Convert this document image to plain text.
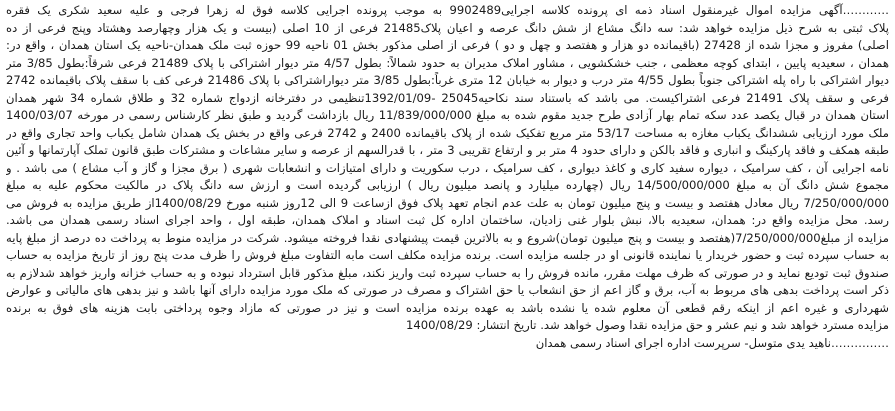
…………آگهی مزایده اموال غیرمنقول اسناد ذمه ای پرونده کلاسه اجرایی9902489 به موجب پرونده اجرایی کلاسه فوق له زهرا فرجی و علیه سعید شکری یک فقره
پلاک ثبتی به شرح ذیل مزایده خواهد شد: سه دانگ مشاع از شش دانگ عرصه و اعیان پلاک21485 فرعی از 10 اصلی (بیست و یک هزار وچهارصد وهشتاد وپنج فرعی از ده
اصلی) مفروز و مجزا شده از 27428 (باقیمانده دو هزار و هفتصد و چهل و دو ) فرعی از اصلی مذکور بخش 01 ناحیه 99 حوزه ثبت ملک همدان-ناحیه یک استان همدان ، واقع در:
همدان ، سعیدیه پایین ، ابتدای کوچه معظمی ، جنب خشکشویی ، مشاور املاک مدیران به حدود شمالاً: بطول 4/57 متر دیوار اشتراکی با پلاک 21489 فرعی شرقاً:بطول 3/85 متر
دیوار اشتراکی با راه پله اشتراکی جنوباً بطول 4/55 متر درب و دیوار به خیابان 12 متری غرباً:بطول 3/85 متر دیواراشتراکی با پلاک 21486 فرعی کف با سقف پلاک باقیمانده 2742
فرعی و سقف پلاک 21491 فرعی اشتراکیست. می باشد که باستناد سند نکاحیه25045 -1392/01/09تنظیمی در دفترخانه ازدواج شماره 32 و طلاق شماره 34 شهر همدان
استان همدان در قبال یکصد عدد سکه تمام بهار آزادی طرح جدید مقوم شده به مبلغ 11/839/000/000 ریال بازداشت گردید و طبق نظر کارشناس رسمی در مورخه 1400/03/07
ملک مورد ارزیابی ششدانگ یکباب مغازه به مساحت 53/17 متر مربع تفکیک شده از پلاک باقیمانده 2400 و 2742 فرعی واقع در بخش یک همدان شامل یکباب واحد تجاری واقع در
طبقه همکف و فاقد پارکینگ و انباری و فاقد بالکن و دارای حدود 4 متر بر و ارتفاع تقریبی 3 متر ، با قدرالسهم از عرصه و سایر مشاعات و مشترکات طبق قانون تملک آپارتمانها و آئین
نامه اجرایی آن ، کف سرامیک ، دیواره سفید کاری و کاغذ دیواری ، کف سرامیک ، درب سکوریت و دارای امتیازات و انشعابات شهری ( برق مجزا و گاز و آب مشاع ) می باشد . و
مجموع شش دانگ آن به مبلغ 14/500/000/000 ریال (چهارده میلیارد و پانصد میلیون ریال ) ارزیابی گردیده است و ارزش سه دانگ پلاک در مالکیت محکوم علیه به مبلغ
7/250/000/000 ریال معادل هفتصد و بیست و پنج میلیون تومان به علت عدم انجام تعهد پلاک فوق ازساعت 9 الی 12روز شنبه مورخ 1400/08/29از طریق مزایده به فروش می
رسد. محل مزایده واقع در: همدان، سعیدیه بالا، نبش بلوار غنی زادیان، ساختمان اداره کل ثبت اسناد و املاک همدان، طبقه اول ، واحد اجرای اسناد رسمی همدان می باشد.
مزایده از مبلغ7/250/000/000(هفتصد و بیست و پنج میلیون تومان)شروع و به بالاترین قیمت پیشنهادی نقدا فروخته میشود. شرکت در مزایده منوط به پرداخت ده درصد از مبلغ پایه
به حساب سپرده ثبت و حضور خریدار یا نماینده قانونی او در جلسه مزایده است. برنده مزایده مکلف است مابه التفاوت مبلغ فروش را ظرف مدت پنج روز از تاریخ مزایده به حساب
صندوق ثبت تودیع نماید و در صورتی که ظرف مهلت مقرر، مانده فروش را به حساب سپرده ثبت واریز نکند، مبلغ مذکور قابل استرداد نبوده و به حساب خزانه واریز خواهد شدلازم به
ذکر است پرداخت بدهی های مربوط به آب، برق و گاز اعم از حق انشعاب یا حق اشتراک و مصرف در صورتی که ملک مورد مزایده دارای آنها باشد و نیز بدهی های مالیاتی و عوارض
شهرداری و غیره اعم از اینکه رقم قطعی آن معلوم شده یا نشده باشد به عهده برنده مزایده است و نیز در صورتی که مازاد وجوه پرداختی بابت هزینه های فوق به برنده
مزایده مسترد خواهد شد و نیم عشر و حق مزایده نقدا وصول خواهد شد. تاریخ انتشار: 1400/08/29
……………ناهید یدی متوسل- سرپرست اداره اجرای اسناد رسمی همدان
